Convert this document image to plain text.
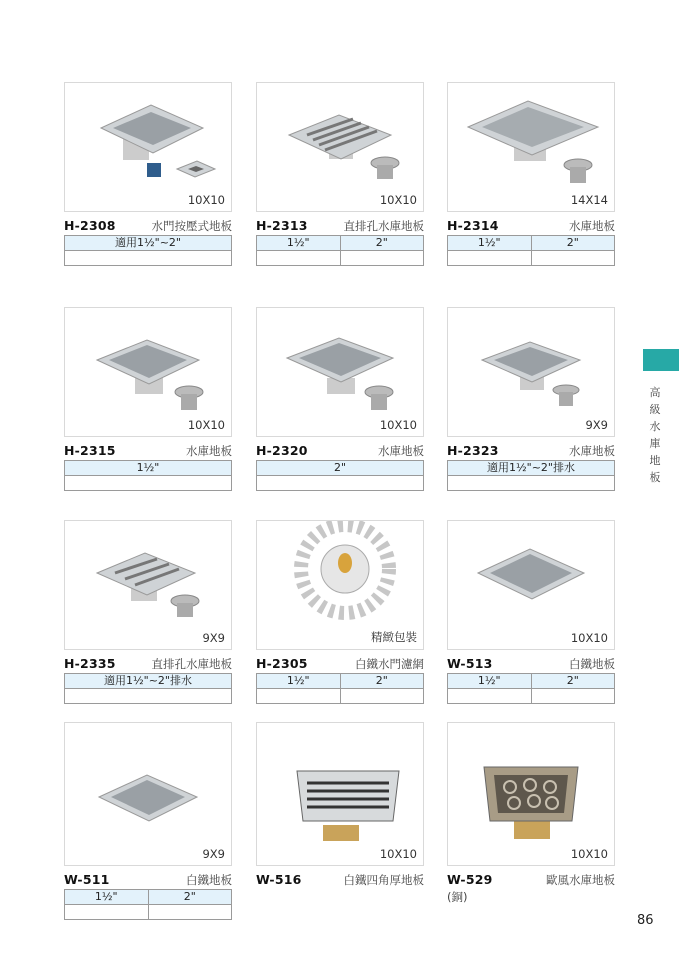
10X10
H-2308	水門按壓式地板
適用1½"~2"

10X10
H-2313	直排孔水庫地板
1½"	2"

14X14
H-2314	水庫地板
1½"	2"

10X10
H-2315	水庫地板
1½"

10X10
H-2320	水庫地板
2"

9X9
H-2323	水庫地板
適用1½"~2"排水

9X9
H-2335	直排孔水庫地板
適用1½"~2"排水

精緻包裝
H-2305	白鐵水門濾網
1½"	2"

10X10
W-513	白鐵地板
1½"	2"

9X9
W-511	白鐵地板
1½"	2"

10X10
W-516	白鐵四角厚地板
10X10
W-529	歐風水庫地板
(銅)
高級水庫地板
86
